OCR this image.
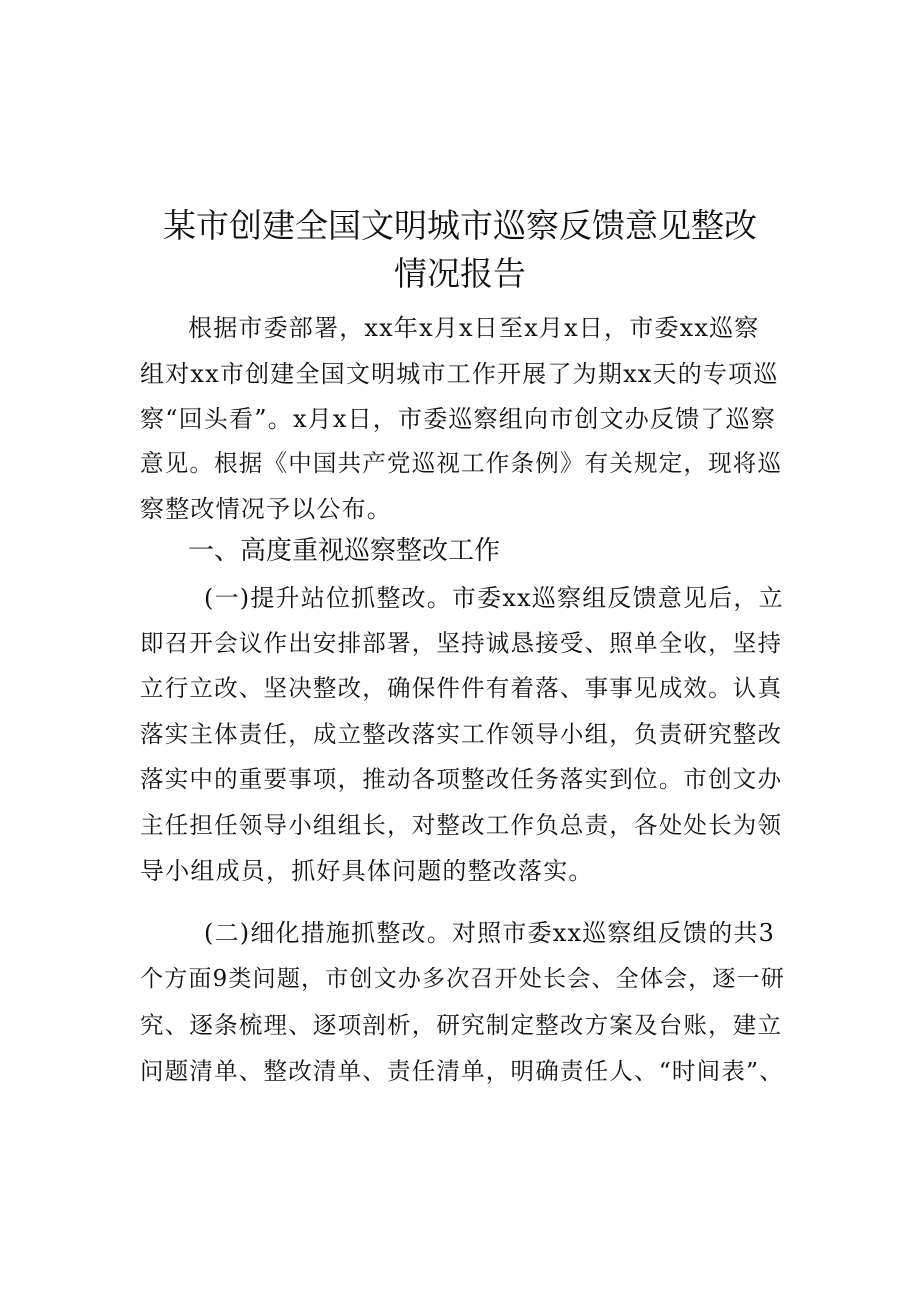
某市创建全国文明城市巡察反馈意见整改
情况报告
根据市委部署，xx年x月x日至x月x日，市委xx巡察
组对xx市创建全国文明城市工作开展了为期xx天的专项巡
察“回头看”。x月x日，市委巡察组向市创文办反馈了巡察
意见。根据《中国共产党巡视工作条例》有关规定，现将巡
察整改情况予以公布。
一、高度重视巡察整改工作
(一)提升站位抓整改。市委xx巡察组反馈意见后，立
即召开会议作出安排部署，坚持诚恳接受、照单全收，坚持
立行立改、坚决整改，确保件件有着落、事事见成效。认真
落实主体责任，成立整改落实工作领导小组，负责研究整改
落实中的重要事项，推动各项整改任务落实到位。市创文办
主任担任领导小组组长，对整改工作负总责，各处处长为领
导小组成员，抓好具体问题的整改落实。
(二)细化措施抓整改。对照市委xx巡察组反馈的共3
个方面9类问题，市创文办多次召开处长会、全体会，逐一研
究、逐条梳理、逐项剖析，研究制定整改方案及台账，建立
问题清单、整改清单、责任清单，明确责任人、“时间表”、
